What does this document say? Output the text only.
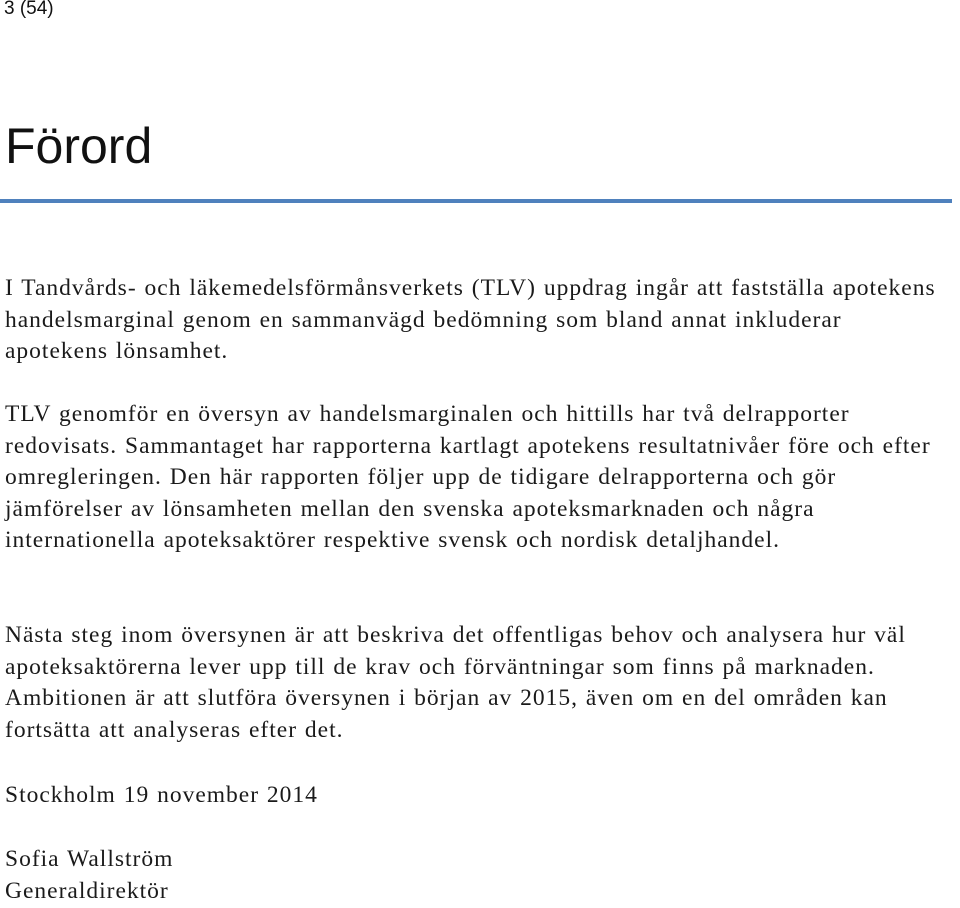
3 (54)
Förord

I Tandvårds- och läkemedelsförmånsverkets (TLV) uppdrag ingår att fastställa apotekens handelsmarginal genom en sammanvägd bedömning som bland annat inkluderar apotekens lönsamhet.

TLV genomför en översyn av handelsmarginalen och hittills har två delrapporter redovisats. Sammantaget har rapporterna kartlagt apotekens resultatnivåer före och efter omregleringen. Den här rapporten följer upp de tidigare delrapporterna och gör jämförelser av lönsamheten mellan den svenska apoteksmarknaden och några internationella apoteksaktörer respektive svensk och nordisk detaljhandel.

Nästa steg inom översynen är att beskriva det offentligas behov och analysera hur väl apoteksaktörerna lever upp till de krav och förväntningar som finns på marknaden. Ambitionen är att slutföra översynen i början av 2015, även om en del områden kan fortsätta att analyseras efter det.

Stockholm 19 november 2014

Sofia Wallström

Generaldirektör
